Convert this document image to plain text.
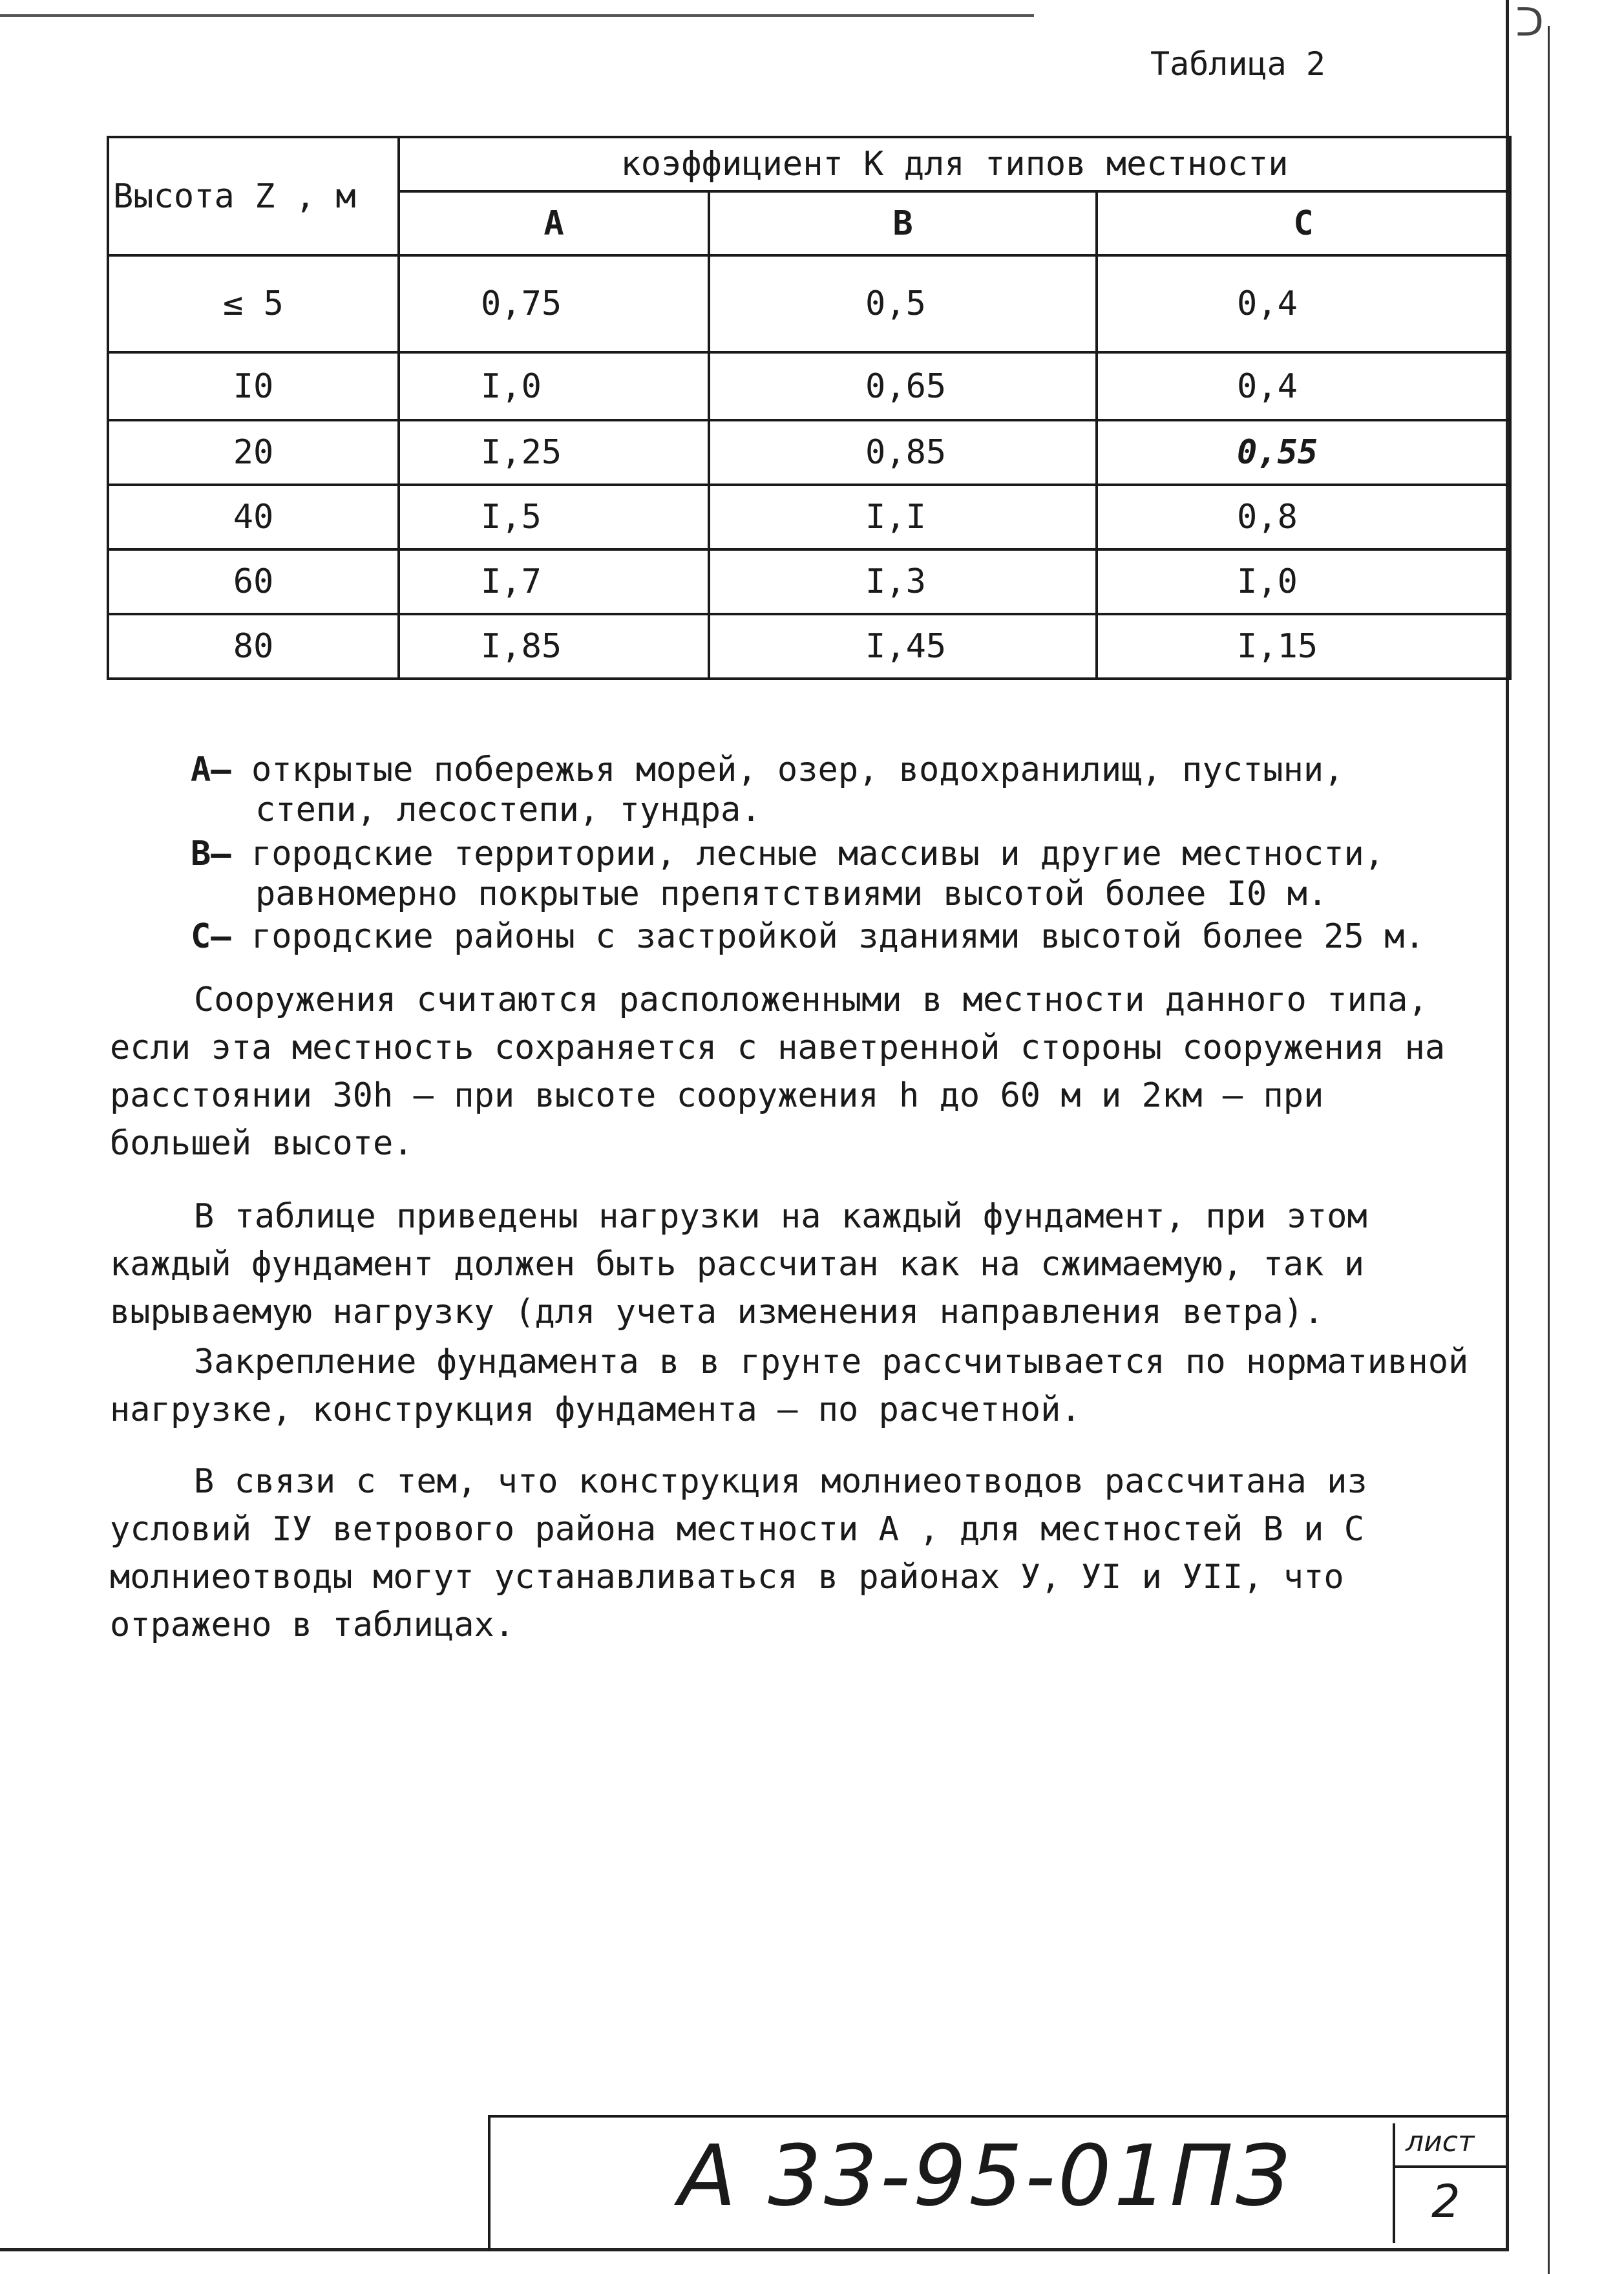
ᑐ
Таблица 2
Высота Z , м	коэффициент К для типов местности		
	А	В	С
≤ 5	0,75	0,5	0,4
I0	I,0	0,65	0,4
20	I,25	0,85	0,55
40	I,5	I,I	0,8
60	I,7	I,3	I,0
80	I,85	I,45	I,15
А– открытые побережья морей, озер, водохранилищ, пустыни,
степи, лесостепи, тундра.
В– городские территории, лесные массивы и другие местности,
равномерно покрытые препятствиями высотой более I0 м.
С– городские районы с застройкой зданиями высотой более 25 м.
Сооружения считаются расположенными в местности данного типа, если эта местность сохраняется с наветренной стороны сооружения на расстоянии 30h – при высоте сооружения h до 60 м и 2км – при большей высоте.
В таблице приведены нагрузки на каждый фундамент, при этом каждый фундамент должен быть рассчитан как на сжимаемую, так и вырываемую нагрузку (для учета изменения направления ветра).
Закрепление фундамента в в грунте рассчитывается по нормативной нагрузке, конструкция фундамента – по расчетной.
В связи с тем, что конструкция молниеотводов рассчитана из условий IУ ветрового района местности А , для местностей В и С молниеотводы могут устанавливаться в районах У, УI и УII, что отражено в таблицах.
А 33-95-01ПЗ	лист
2
